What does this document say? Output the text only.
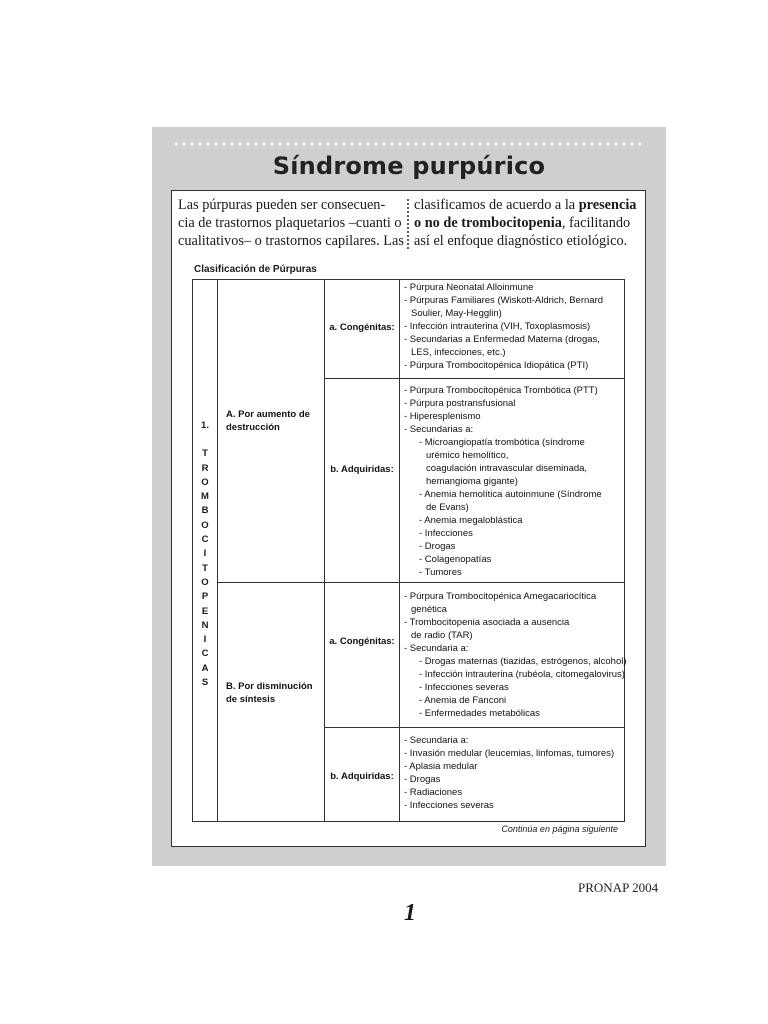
Síndrome purpúrico
Las púrpuras pueden ser consecuen-
cia de trastornos plaquetarios –cuanti o
cualitativos– o trastornos capilares. Las
clasificamos de acuerdo a la presencia
o no de trombocitopenia, facilitando
así el enfoque diagnóstico etiológico.
Clasificación de Púrpuras
1.
T
R
O
M
B
O
C
I
T
O
P
E
N
I
C
A
S
A. Por aumento de
destrucción
B. Por disminución
de síntesis
a. Congénitas:
b. Adquiridas:
a. Congénitas:
b. Adquiridas:
- Púrpura Neonatal Alloinmune
- Púrpuras Familiares (Wiskott-Aldrich, Bernard
Soulier, May-Hegglin)
- Infección intrauterina (VIH, Toxoplasmosis)
- Secundarias a Enfermedad Materna (drogas,
LES, infecciones, etc.)
- Púrpura Trombocitopénica Idiopática (PTI)
- Púrpura Trombocitopénica Trombótica (PTT)
- Púrpura postransfusional
- Hiperesplenismo
- Secundarias a:
- Microangiopatía trombótica (síndrome
urémico hemolítico,
coagulación intravascular diseminada,
hemangioma gigante)
- Anemia hemolítica autoinmune (Síndrome
de Evans)
- Anemia megaloblástica
- Infecciones
- Drogas
- Colagenopatías
- Tumores
- Púrpura Trombocitopénica Amegacariocítica
genética
- Trombocitopenia asociada a ausencia
de radio (TAR)
- Secundaria a:
- Drogas maternas (tiazidas, estrógenos, alcohol)
- Infección intrauterina (rubéola, citomegalovirus)
- Infecciones severas
- Anemia de Fanconi
- Enfermedades metabólicas
- Secundaria a:
- Invasión medular (leucemias, linfomas, tumores)
- Aplasia medular
- Drogas
- Radiaciones
- Infecciones severas
Continúa en página siguiente
PRONAP 2004
1
